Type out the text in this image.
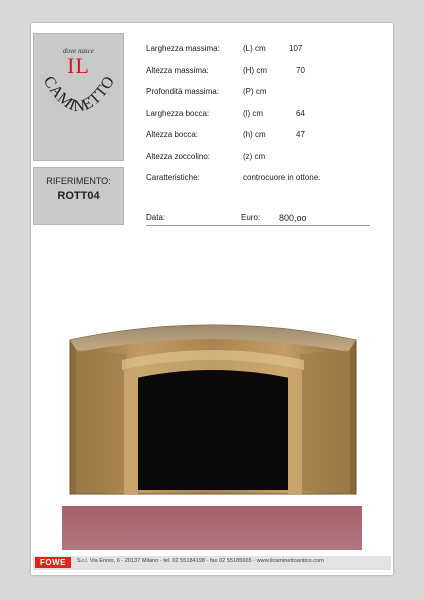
dove nasce
IL
CAMINETTO
RIFERIMENTO:
ROTT04
Larghezza massima:	(L) cm	107
Altezza massima:	(H) cm	70
Profondità massima:	(P) cm
Larghezza bocca:	(l) cm	64
Altezza bocca:	(h) cm	47
Altezza zoccolino:	(z) cm
Caratteristiche:	controcuore in ottone.
Data:	Euro: 800,oo
FOWE	S.r.l. Via Ennio, 6 - 20137 Milano - tel. 02 55184198 - fax 02 55185665 - www.ilcaminettoantico.com
